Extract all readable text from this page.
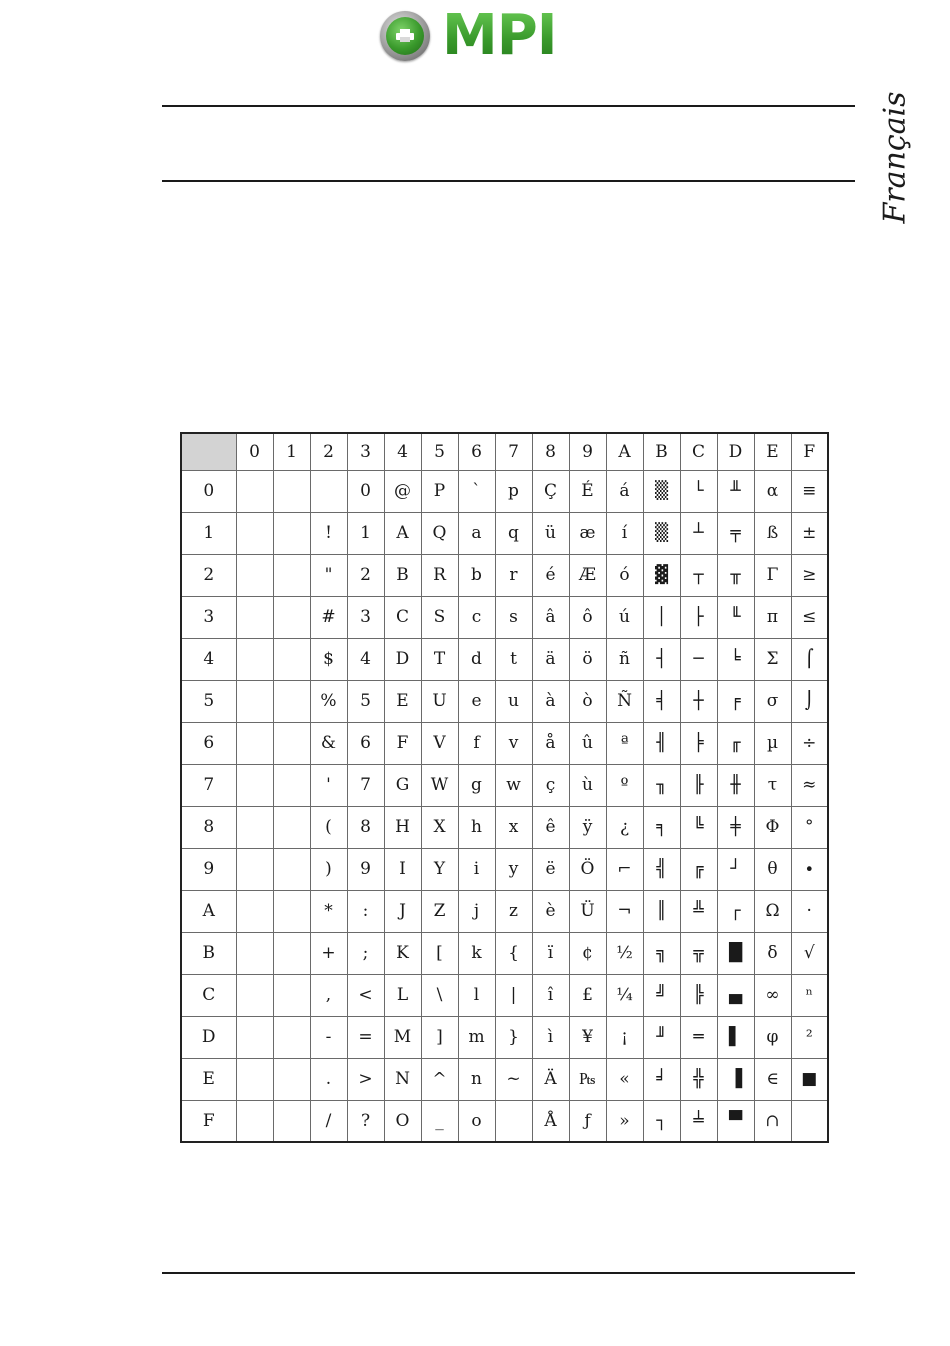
MPI
Français
	0	1	2	3	4	5	6	7	8	9	A	B	C	D	E	F
0				0	@	P	`	p	Ç	É	á	▒	└	╨	α	≡
1			!	1	A	Q	a	q	ü	æ	í	▒	┴	╤	ß	±
2			"	2	B	R	b	r	é	Æ	ó	▓	┬	╥	Γ	≥
3			#	3	C	S	c	s	â	ô	ú	│	├	╙	π	≤
4			$	4	D	T	d	t	ä	ö	ñ	┤	─	╘	Σ	⌠
5			%	5	E	U	e	u	à	ò	Ñ	╡	┼	╒	σ	⌡
6			&	6	F	V	f	v	å	û	ª	╢	╞	╓	µ	÷
7			'	7	G	W	g	w	ç	ù	º	╖	╟	╫	τ	≈
8			(	8	H	X	h	x	ê	ÿ	¿	╕	╚	╪	Φ	°
9			)	9	I	Y	i	y	ë	Ö	⌐	╣	╔	┘	θ	∙
A			*	:	J	Z	j	z	è	Ü	¬	║	╩	┌	Ω	·
B			+	;	K	[	k	{	ï	¢	½	╗	╦	█	δ	√
C			,	<	L	\	l	|	î	£	¼	╝	╠	▄	∞	ⁿ
D			-	=	M	]	m	}	ì	¥	¡	╜	═	▌	φ	²
E			.	>	N	^	n	~	Ä	₧	«	╛	╬	▐	∈	■
F			/	?	O	_	o		Å	ƒ	»	┐	╧	▀	∩	
